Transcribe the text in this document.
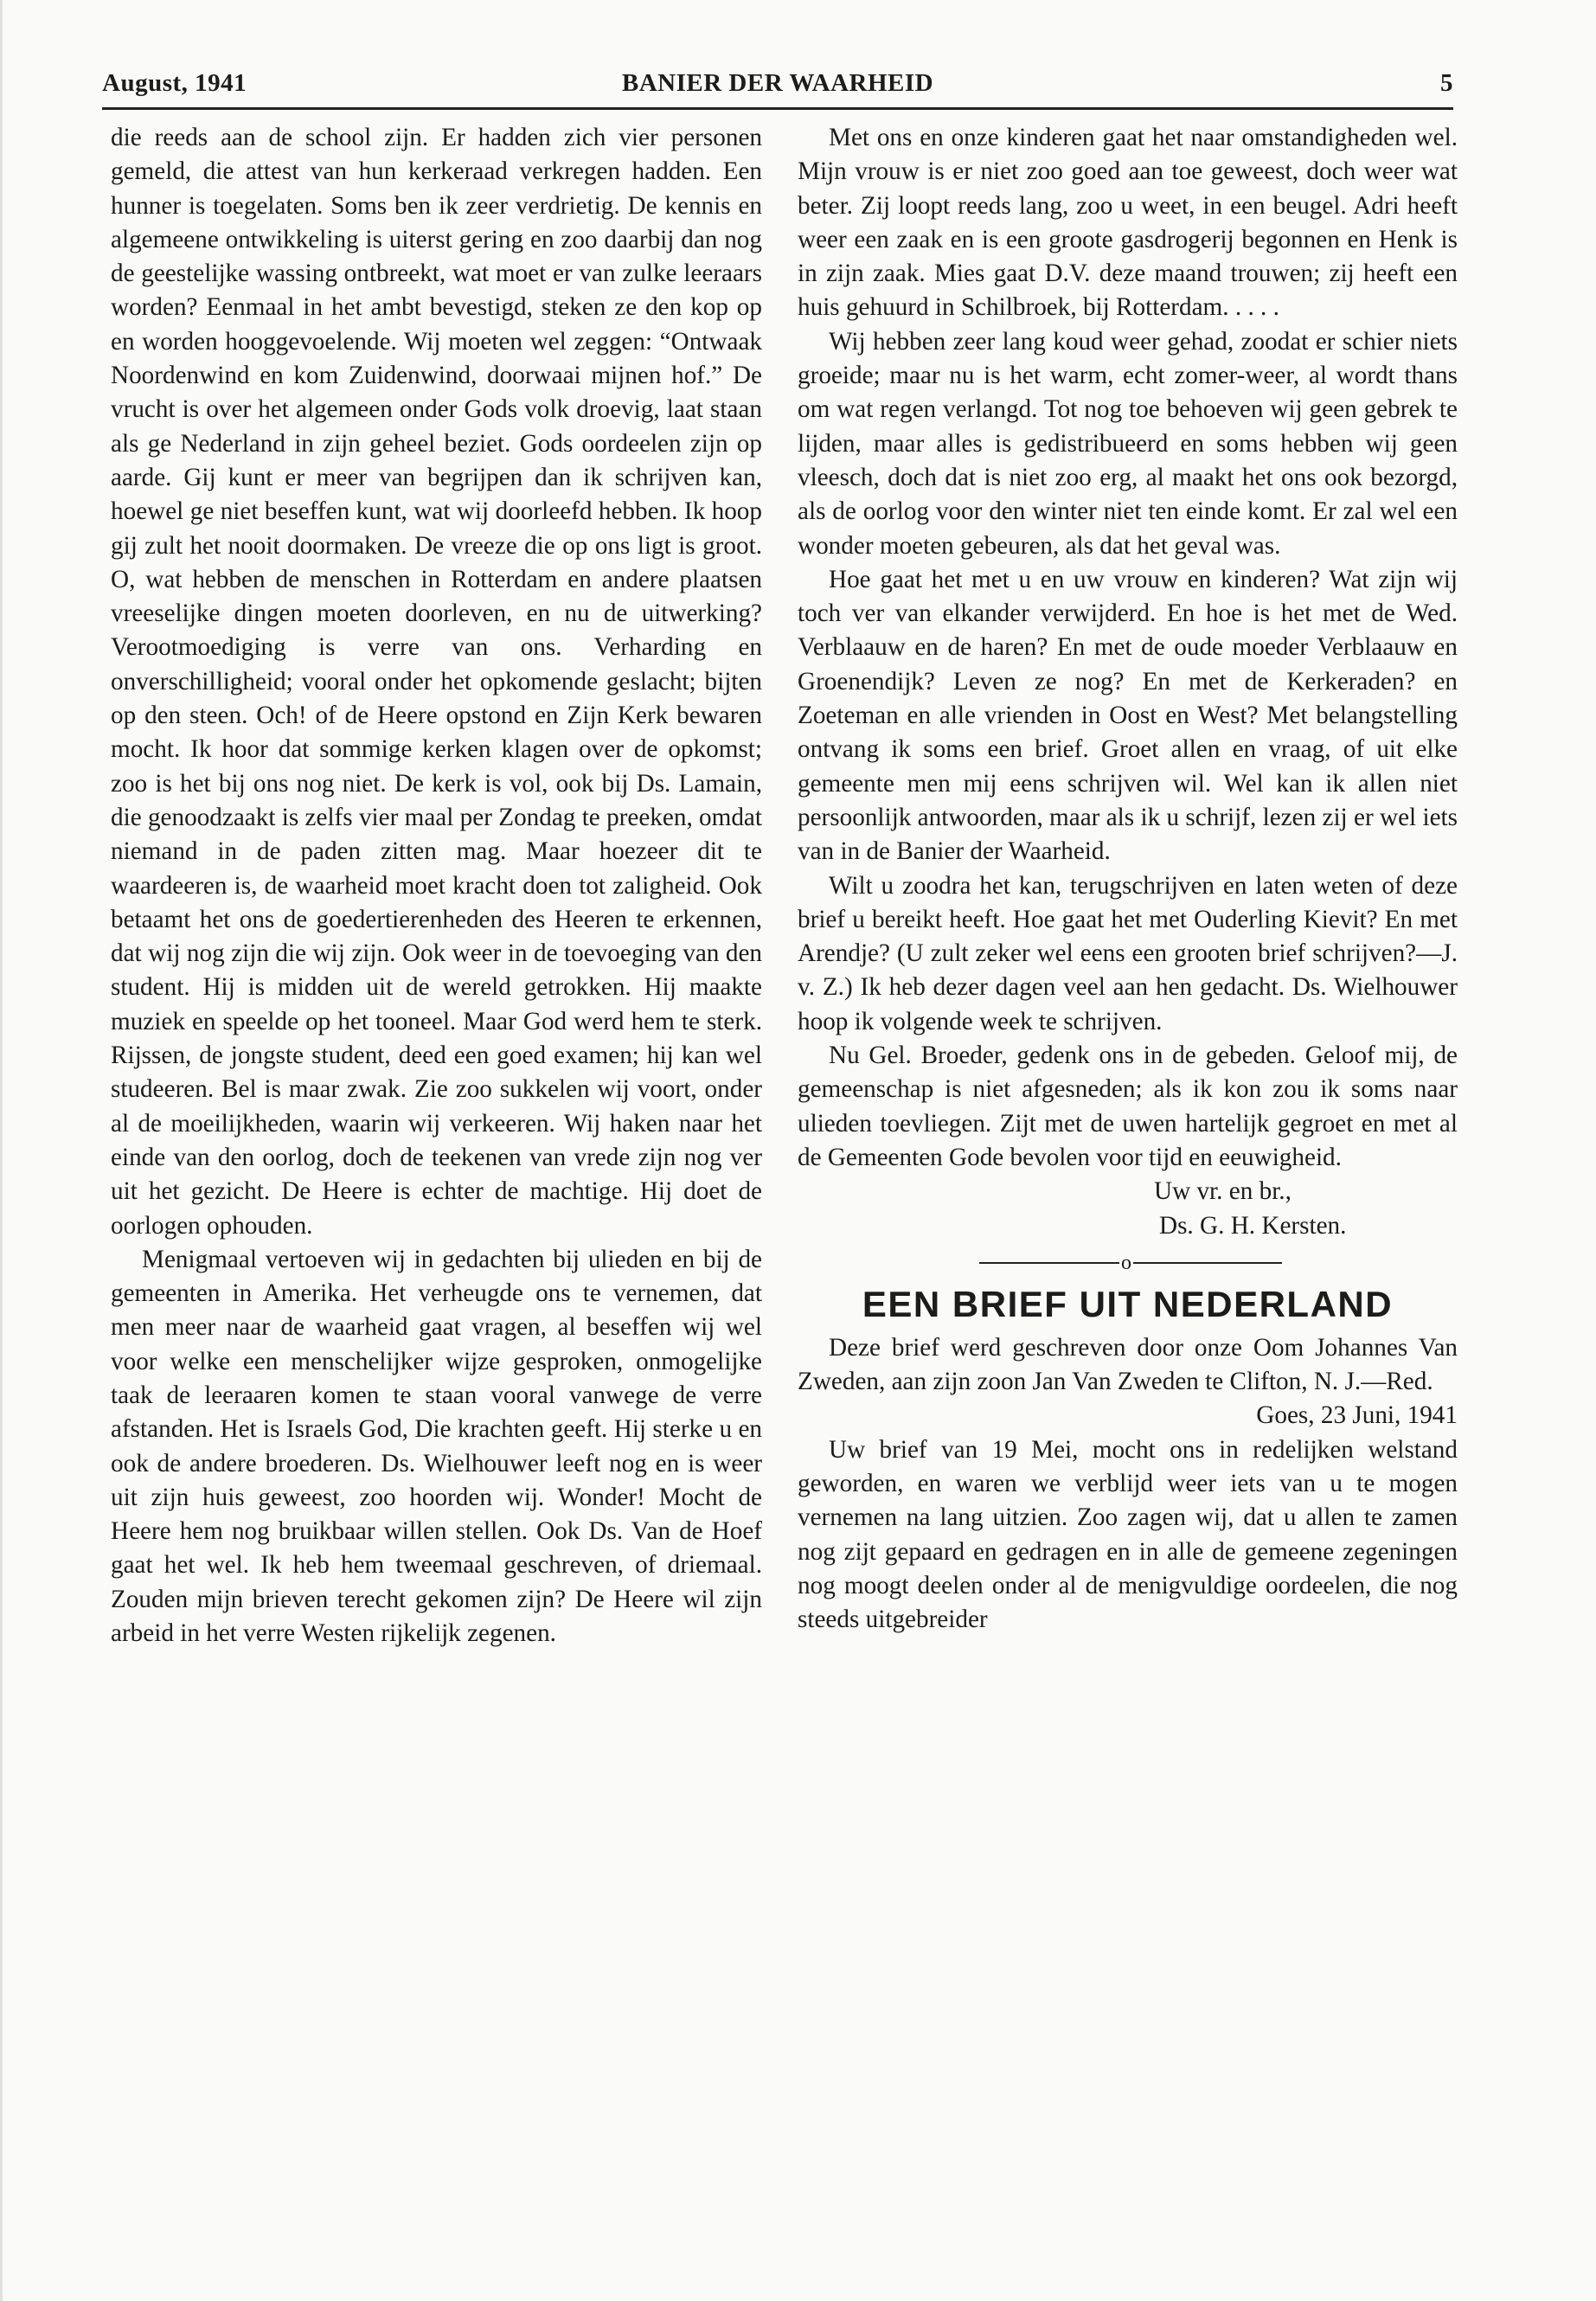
August, 1941	BANIER DER WAARHEID	5

die reeds aan de school zijn. Er hadden zich vier personen gemeld, die attest van hun kerkeraad verkregen hadden. Een hunner is toegelaten. Soms ben ik zeer verdrietig. De kennis en algemeene ontwikkeling is uiterst gering en zoo daarbij dan nog de geestelijke wassing ontbreekt, wat moet er van zulke leeraars worden? Eenmaal in het ambt bevestigd, steken ze den kop op en worden hooggevoelende. Wij moeten wel zeggen: “Ontwaak Noordenwind en kom Zuidenwind, doorwaai mijnen hof.” De vrucht is over het algemeen onder Gods volk droevig, laat staan als ge Nederland in zijn geheel beziet. Gods oordeelen zijn op aarde. Gij kunt er meer van begrijpen dan ik schrijven kan, hoewel ge niet beseffen kunt, wat wij doorleefd hebben. Ik hoop gij zult het nooit doormaken. De vreeze die op ons ligt is groot. O, wat hebben de menschen in Rotterdam en andere plaatsen vreeselijke dingen moeten doorleven, en nu de uitwerking? Verootmoediging is verre van ons. Verharding en onverschilligheid; vooral onder het opkomende geslacht; bijten op den steen. Och! of de Heere opstond en Zijn Kerk bewaren mocht. Ik hoor dat sommige kerken klagen over de opkomst; zoo is het bij ons nog niet. De kerk is vol, ook bij Ds. Lamain, die genoodzaakt is zelfs vier maal per Zondag te preeken, omdat niemand in de paden zitten mag. Maar hoezeer dit te waardeeren is, de waarheid moet kracht doen tot zaligheid. Ook betaamt het ons de goedertierenheden des Heeren te erkennen, dat wij nog zijn die wij zijn. Ook weer in de toevoeging van den student. Hij is midden uit de wereld getrokken. Hij maakte muziek en speelde op het tooneel. Maar God werd hem te sterk. Rijssen, de jongste student, deed een goed examen; hij kan wel studeeren. Bel is maar zwak. Zie zoo sukkelen wij voort, onder al de moeilijkheden, waarin wij verkeeren. Wij haken naar het einde van den oorlog, doch de teekenen van vrede zijn nog ver uit het gezicht. De Heere is echter de machtige. Hij doet de oorlogen ophouden.

Menigmaal vertoeven wij in gedachten bij ulieden en bij de gemeenten in Amerika. Het verheugde ons te vernemen, dat men meer naar de waarheid gaat vragen, al beseffen wij wel voor welke een menschelijker wijze gesproken, onmogelijke taak de leeraaren komen te staan vooral vanwege de verre afstanden. Het is Israels God, Die krachten geeft. Hij sterke u en ook de andere broederen. Ds. Wielhouwer leeft nog en is weer uit zijn huis geweest, zoo hoorden wij. Wonder! Mocht de Heere hem nog bruikbaar willen stellen. Ook Ds. Van de Hoef gaat het wel. Ik heb hem tweemaal geschreven, of driemaal. Zouden mijn brieven terecht gekomen zijn? De Heere wil zijn arbeid in het verre Westen rijkelijk zegenen.

Met ons en onze kinderen gaat het naar omstandigheden wel. Mijn vrouw is er niet zoo goed aan toe geweest, doch weer wat beter. Zij loopt reeds lang, zoo u weet, in een beugel. Adri heeft weer een zaak en is een groote gasdrogerij begonnen en Henk is in zijn zaak. Mies gaat D.V. deze maand trouwen; zij heeft een huis gehuurd in Schilbroek, bij Rotterdam. . . . .

Wij hebben zeer lang koud weer gehad, zoodat er schier niets groeide; maar nu is het warm, echt zomer-weer, al wordt thans om wat regen verlangd. Tot nog toe behoeven wij geen gebrek te lijden, maar alles is gedistribueerd en soms hebben wij geen vleesch, doch dat is niet zoo erg, al maakt het ons ook bezorgd, als de oorlog voor den winter niet ten einde komt. Er zal wel een wonder moeten gebeuren, als dat het geval was.

Hoe gaat het met u en uw vrouw en kinderen? Wat zijn wij toch ver van elkander verwijderd. En hoe is het met de Wed. Verblaauw en de haren? En met de oude moeder Verblaauw en Groenendijk? Leven ze nog? En met de Kerkeraden? en Zoeteman en alle vrienden in Oost en West? Met belangstelling ontvang ik soms een brief. Groet allen en vraag, of uit elke gemeente men mij eens schrijven wil. Wel kan ik allen niet persoonlijk antwoorden, maar als ik u schrijf, lezen zij er wel iets van in de Banier der Waarheid.

Wilt u zoodra het kan, terugschrijven en laten weten of deze brief u bereikt heeft. Hoe gaat het met Ouderling Kievit? En met Arendje? (U zult zeker wel eens een grooten brief schrijven?—J. v. Z.) Ik heb dezer dagen veel aan hen gedacht. Ds. Wielhouwer hoop ik volgende week te schrijven.

Nu Gel. Broeder, gedenk ons in de gebeden. Geloof mij, de gemeenschap is niet afgesneden; als ik kon zou ik soms naar ulieden toevliegen. Zijt met de uwen hartelijk gegroet en met al de Gemeenten Gode bevolen voor tijd en eeuwigheid.

Uw vr. en br.,

Ds. G. H. Kersten.

o
EEN BRIEF UIT NEDERLAND

Deze brief werd geschreven door onze Oom Johannes Van Zweden, aan zijn zoon Jan Van Zweden te Clifton, N. J.—Red.

Goes, 23 Juni, 1941

Uw brief van 19 Mei, mocht ons in redelijken welstand geworden, en waren we verblijd weer iets van u te mogen vernemen na lang uitzien. Zoo zagen wij, dat u allen te zamen nog zijt gepaard en gedragen en in alle de gemeene zegeningen nog moogt deelen onder al de menigvuldige oordeelen, die nog steeds uitgebreider
